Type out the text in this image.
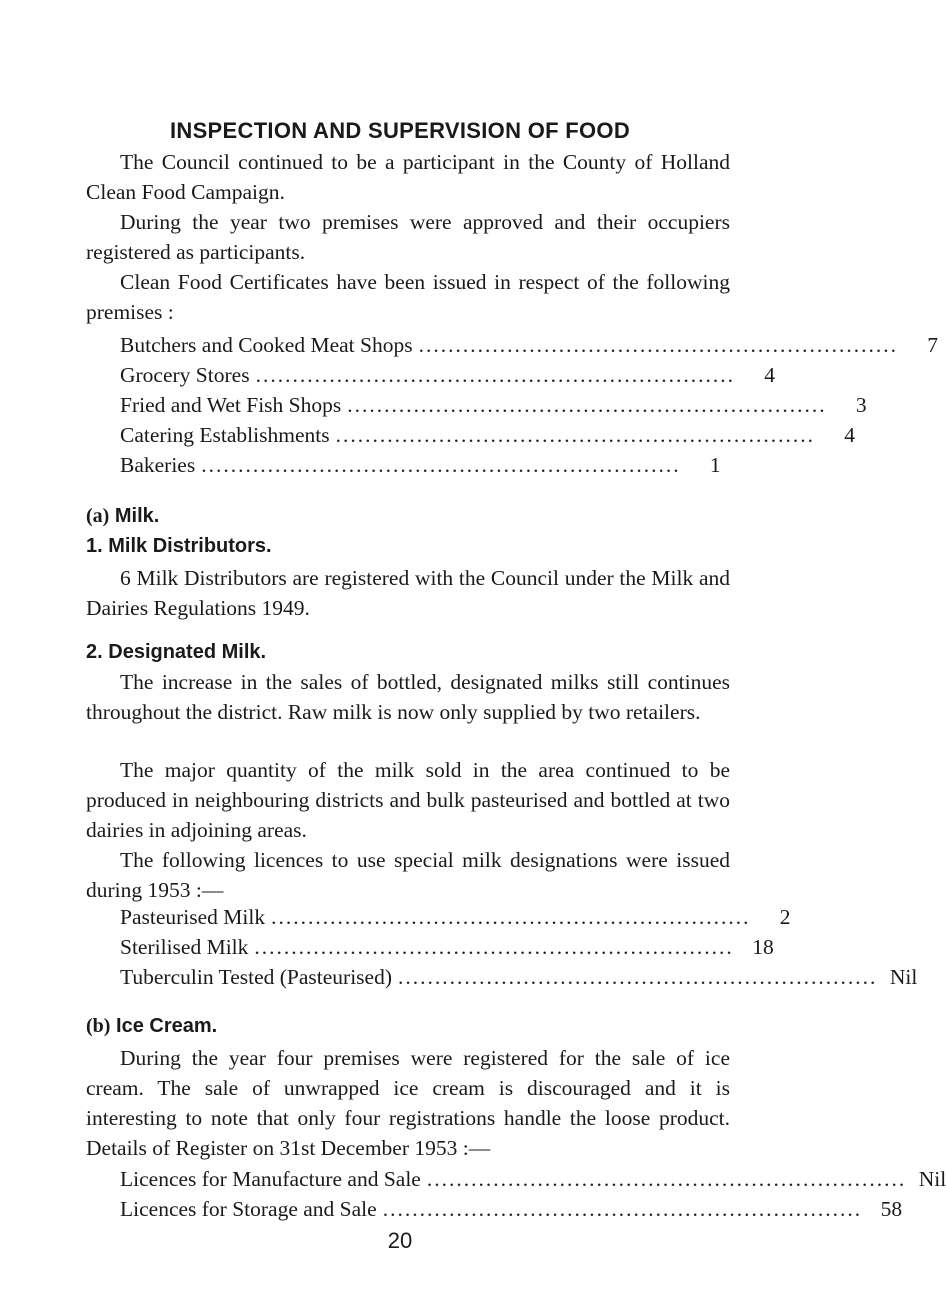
INSPECTION AND SUPERVISION OF FOOD

The Council continued to be a participant in the County of Holland Clean Food Campaign.

During the year two premises were approved and their occupiers registered as participants.

Clean Food Certificates have been issued in respect of the following premises :

Butchers and Cooked Meat Shops .................................................................	7
Grocery Stores .................................................................	4
Fried and Wet Fish Shops .................................................................	3
Catering Establishments .................................................................	4
Bakeries .................................................................	1
(a) Milk.
1. Milk Distributors.

6 Milk Distributors are registered with the Council under the Milk and Dairies Regulations 1949.

2. Designated Milk.

The increase in the sales of bottled, designated milks still continues throughout the district. Raw milk is now only supplied by two retailers.

The major quantity of the milk sold in the area continued to be produced in neighbouring districts and bulk pasteurised and bottled at two dairies in adjoining areas.

The following licences to use special milk designations were issued during 1953 :—

Pasteurised Milk .................................................................	2
Sterilised Milk ................................................................. 18
Tuberculin Tested (Pasteurised) ................................................................. Nil
(b) Ice Cream.

During the year four premises were registered for the sale of ice cream. The sale of unwrapped ice cream is discouraged and it is interesting to note that only four registrations handle the loose product. Details of Register on 31st December 1953 :—

Licences for Manufacture and Sale ................................................................. Nil
Licences for Storage and Sale ................................................................. 58
20
